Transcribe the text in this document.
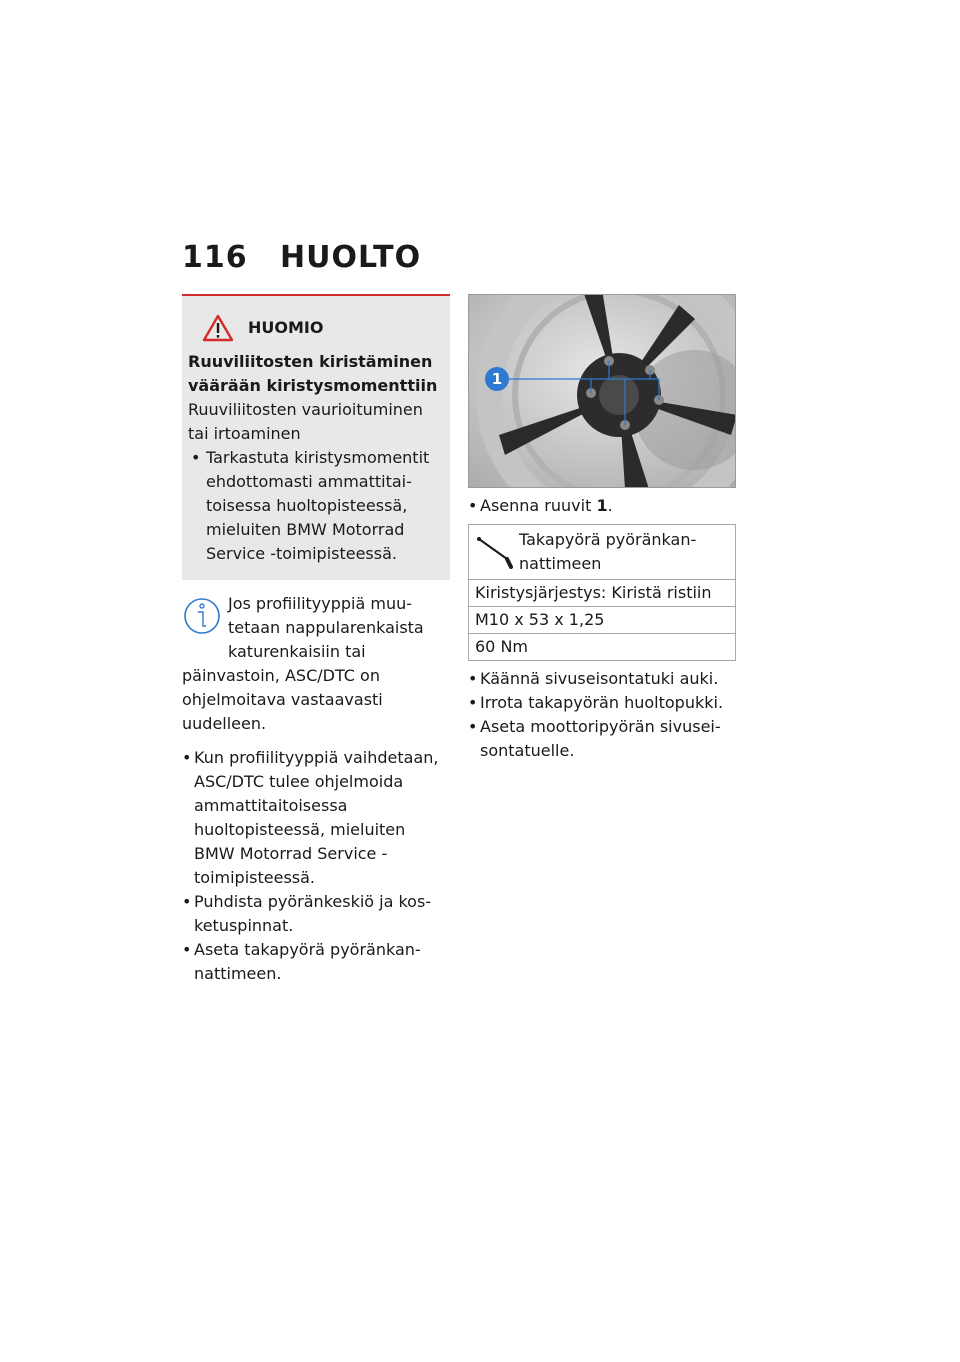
116 HUOLTO
HUOMIO
Ruuviliitosten kiristäminen väärään kiristysmomenttiin
Ruuviliitosten vaurioituminen tai irtoaminen
• Tarkastuta kiristysmomentit ehdottomasti ammattitaitoisessa huoltopisteessä, mieluiten BMW Motorrad Service -toimipisteessä.
Jos profiilityyppiä muutetaan nappularenkaista katurenkaisiin tai päinvastoin, ASC/DTC on ohjelmoitava vastaavasti uudelleen.
• Kun profiilityyppiä vaihdetaan, ASC/DTC tulee ohjelmoida ammattitaitoisessa huoltopisteessä, mieluiten BMW Motorrad Service -toimipisteessä.
• Puhdista pyöränkeskiö ja kosketuspinnat.
• Aseta takapyörä pyöränkannattimeen.
1
• Asenna ruuvit 1.
Takapyörä pyöränkannattimeen

Kiristysjärjestys: Kiristä ristiin
M10 x 53 x 1,25
60 Nm
• Käännä sivuseisontatuki auki.
• Irrota takapyörän huoltopukki.
• Aseta moottoripyörän sivuseisontatuelle.
